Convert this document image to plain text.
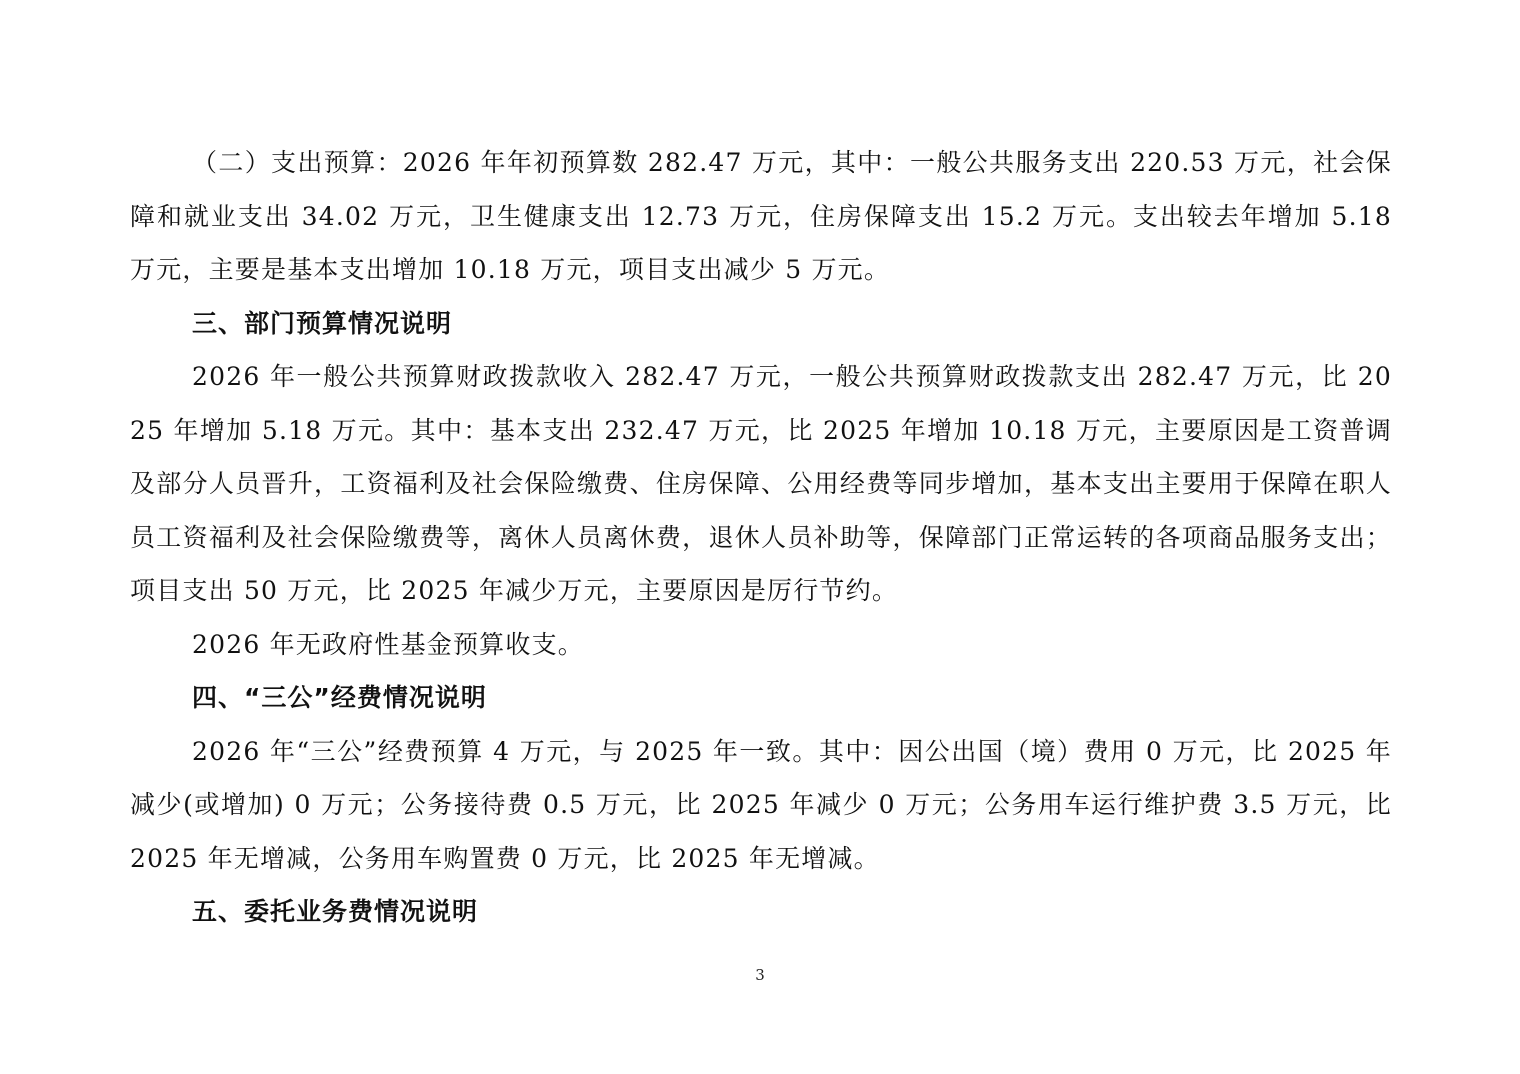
（二）支出预算：2026 年年初预算数 282.47 万元，其中：一般公共服务支出 220.53 万元，社会保障和就业支出 34.02 万元，卫生健康支出 12.73 万元，住房保障支出 15.2 万元。支出较去年增加 5.18 万元，主要是基本支出增加 10.18 万元，项目支出减少 5 万元。

三、部门预算情况说明

2026 年一般公共预算财政拨款收入 282.47 万元，一般公共预算财政拨款支出 282.47 万元，比 2025 年增加 5.18 万元。其中：基本支出 232.47 万元，比 2025 年增加 10.18 万元，主要原因是工资普调及部分人员晋升，工资福利及社会保险缴费、住房保障、公用经费等同步增加，基本支出主要用于保障在职人员工资福利及社会保险缴费等，离休人员离休费，退休人员补助等，保障部门正常运转的各项商品服务支出；项目支出 50 万元，比 2025 年减少万元，主要原因是厉行节约。

2026 年无政府性基金预算收支。

四、“三公”经费情况说明

2026 年“三公”经费预算 4 万元，与 2025 年一致。其中：因公出国（境）费用 0 万元，比 2025 年减少(或增加) 0 万元；公务接待费 0.5 万元，比 2025 年减少 0 万元；公务用车运行维护费 3.5 万元，比 2025 年无增减，公务用车购置费 0 万元，比 2025 年无增减。

五、委托业务费情况说明

3
